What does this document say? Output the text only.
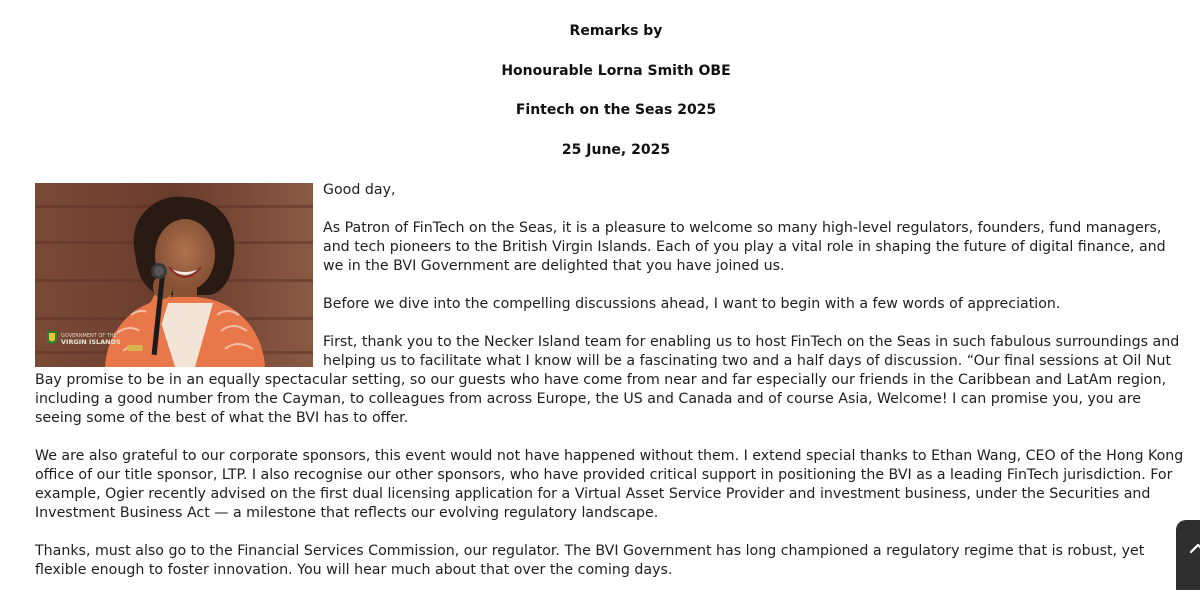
Remarks by
Honourable Lorna Smith OBE
Fintech on the Seas 2025
25 June, 2025
GOVERNMENT OF THE
VIRGIN ISLANDS

Good day,

As Patron of FinTech on the Seas, it is a pleasure to welcome so many high-level regulators, founders, fund managers, and tech pioneers to the British Virgin Islands. Each of you play a vital role in shaping the future of digital finance, and we in the BVI Government are delighted that you have joined us.

Before we dive into the compelling discussions ahead, I want to begin with a few words of appreciation.

First, thank you to the Necker Island team for enabling us to host FinTech on the Seas in such fabulous surroundings and helping us to facilitate what I know will be a fascinating two and a half days of discussion. “Our final sessions at Oil Nut Bay promise to be in an equally spectacular setting, so our guests who have come from near and far especially our friends in the Caribbean and LatAm region, including a good number from the Cayman, to colleagues from across Europe, the US and Canada and of course Asia, Welcome! I can promise you, you are seeing some of the best of what the BVI has to offer.

We are also grateful to our corporate sponsors, this event would not have happened without them. I extend special thanks to Ethan Wang, CEO of the Hong Kong office of our title sponsor, LTP. I also recognise our other sponsors, who have provided critical support in positioning the BVI as a leading FinTech jurisdiction. For example, Ogier recently advised on the first dual licensing application for a Virtual Asset Service Provider and investment business, under the Securities and Investment Business Act — a milestone that reflects our evolving regulatory landscape.

Thanks, must also go to the Financial Services Commission, our regulator. The BVI Government has long championed a regulatory regime that is robust, yet flexible enough to foster innovation. You will hear much about that over the coming days.
